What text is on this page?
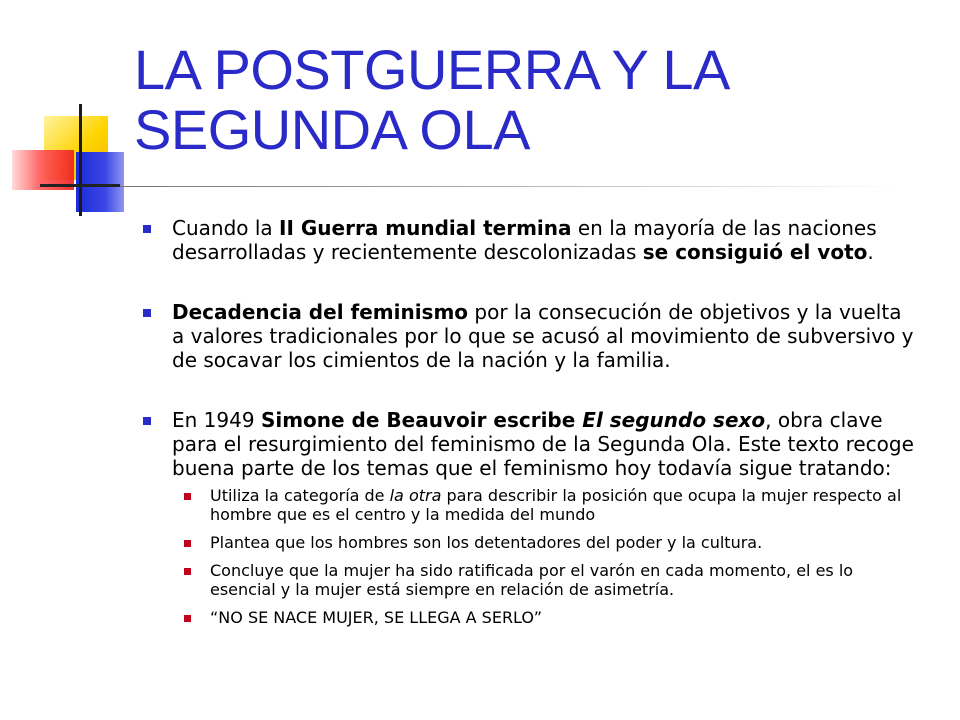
LA POSTGUERRA Y LA SEGUNDA OLA
Cuando la II Guerra mundial termina en la mayoría de las naciones desarrolladas y recientemente descolonizadas se consiguió el voto.
Decadencia del feminismo por la consecución de objetivos y la vuelta a valores tradicionales por lo que se acusó al movimiento de subversivo y de socavar los cimientos de la nación y la familia.
En 1949 Simone de Beauvoir escribe El segundo sexo, obra clave para el resurgimiento del feminismo de la Segunda Ola. Este texto recoge buena parte de los temas que el feminismo hoy todavía sigue tratando:
Utiliza la categoría de la otra para describir la posición que ocupa la mujer respecto al hombre que es el centro y la medida del mundo
Plantea que los hombres son los detentadores del poder y la cultura.
Concluye que la mujer ha sido ratificada por el varón en cada momento, el es lo esencial y la mujer está siempre en relación de asimetría.
“NO SE NACE MUJER, SE LLEGA A SERLO”
